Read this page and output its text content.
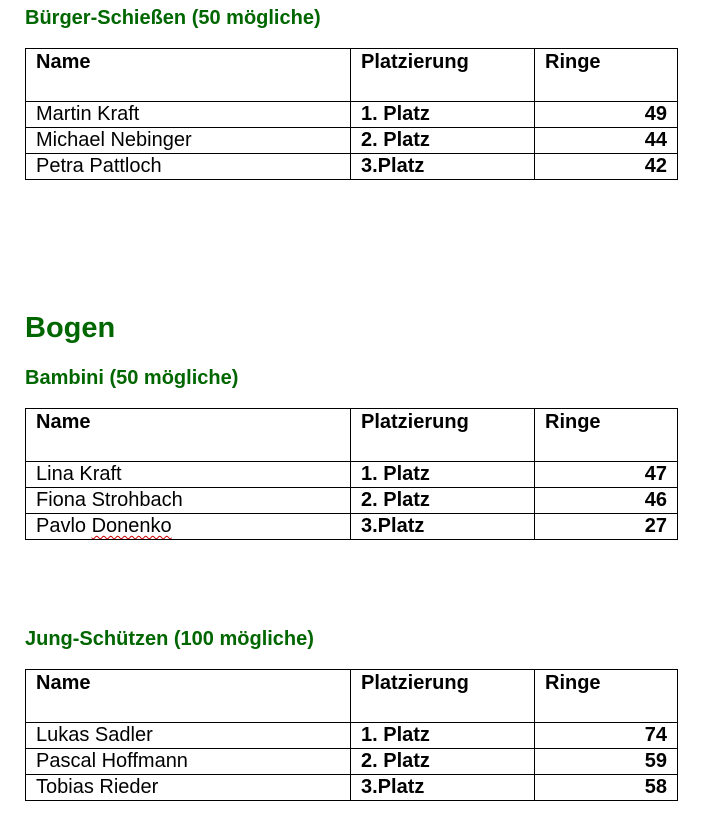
Bürger-Schießen (50 mögliche)
Name	Platzierung	Ringe
Martin Kraft	1. Platz	49
Michael Nebinger	2. Platz	44
Petra Pattloch	3.Platz	42
Bogen
Bambini (50 mögliche)
Name	Platzierung	Ringe
Lina Kraft	1. Platz	47
Fiona Strohbach	2. Platz	46
Pavlo Donenko	3.Platz	27
Jung-Schützen (100 mögliche)
Name	Platzierung	Ringe
Lukas Sadler	1. Platz	74
Pascal Hoffmann	2. Platz	59
Tobias Rieder	3.Platz	58
